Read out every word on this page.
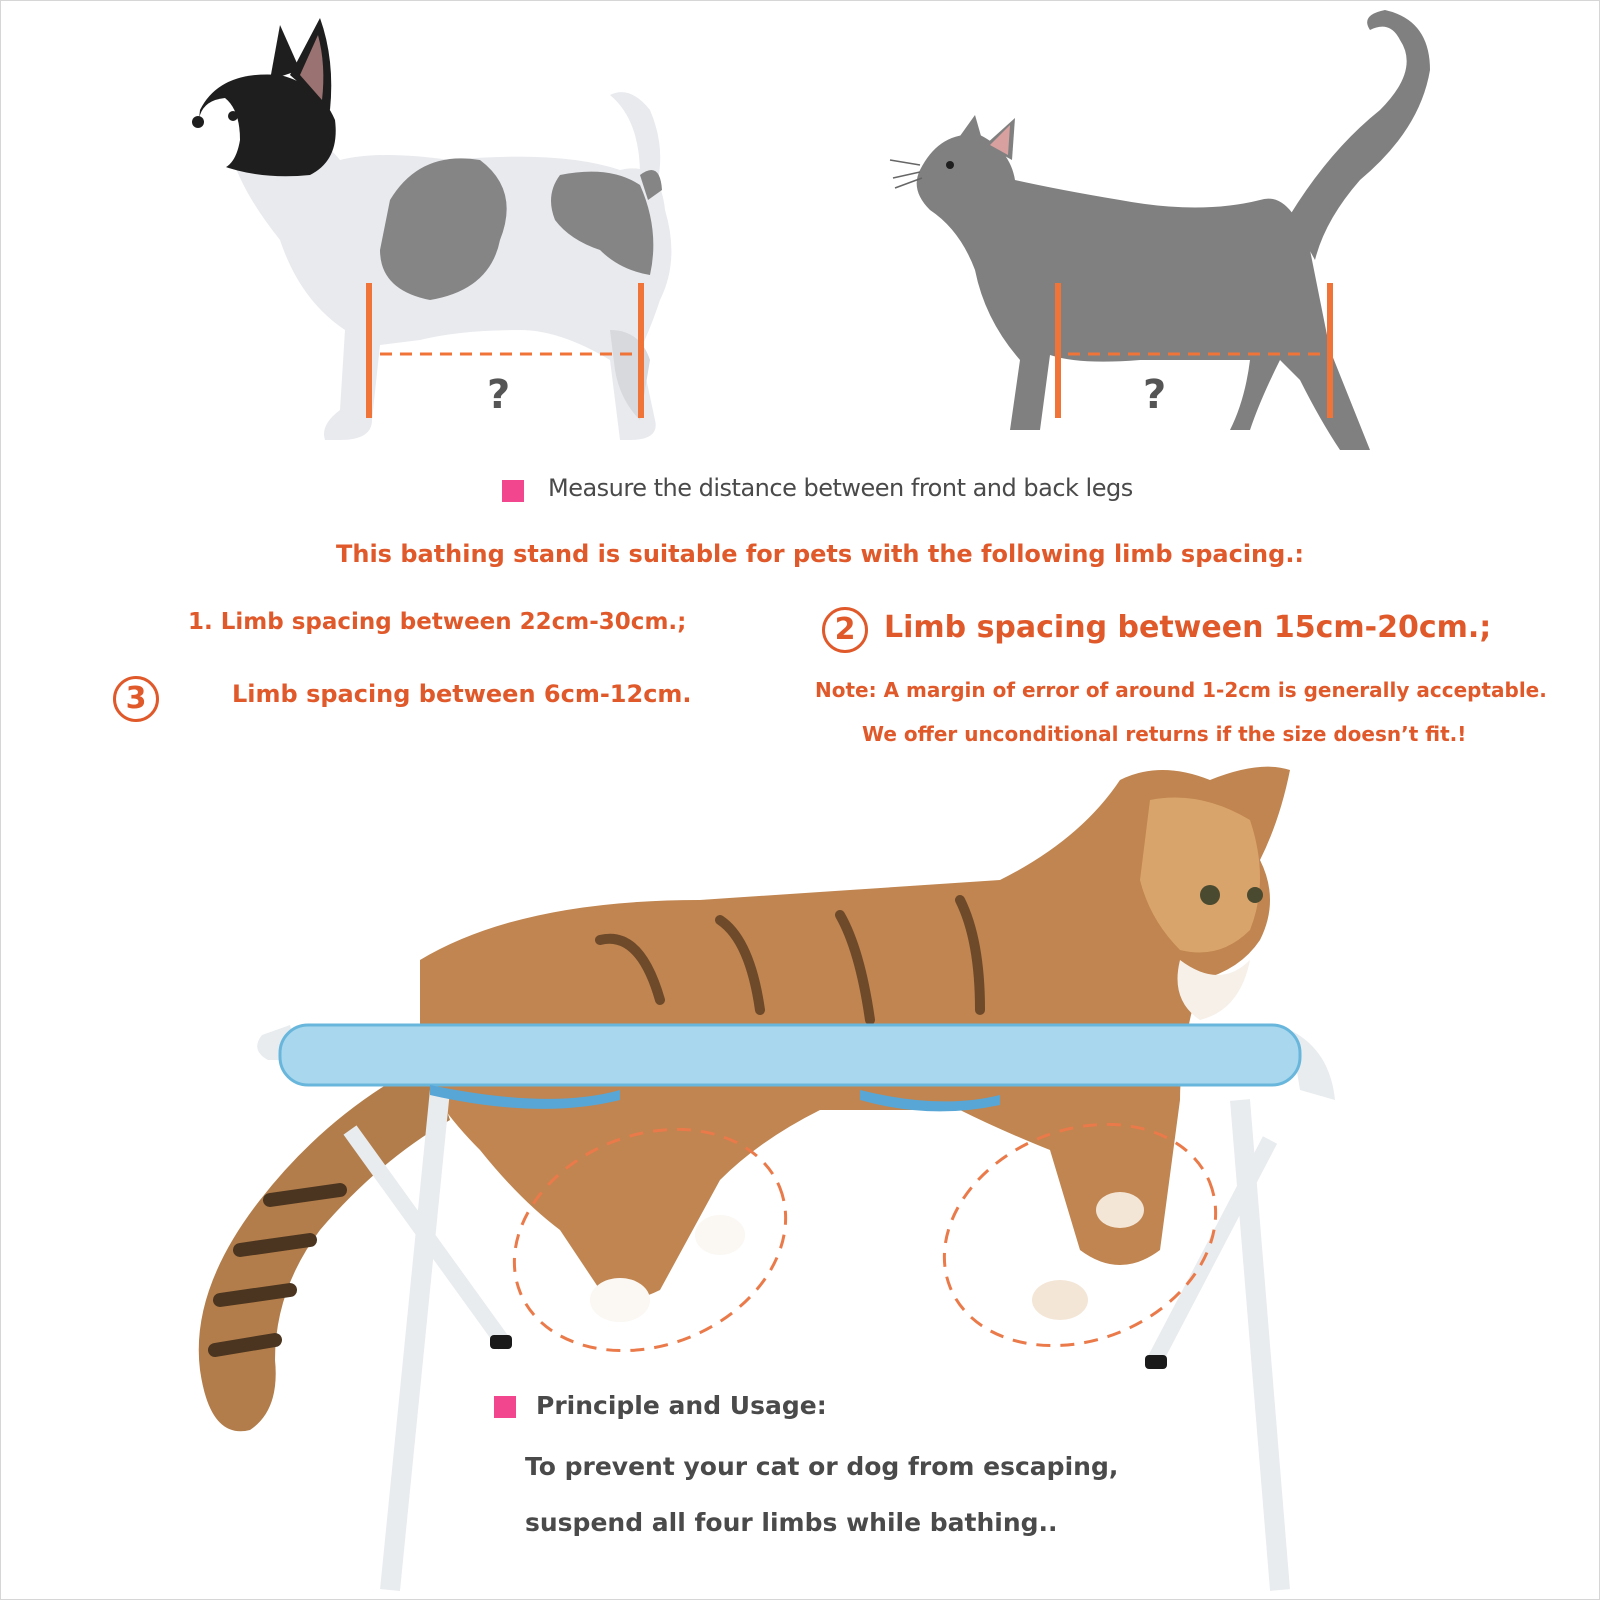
?	?
Measure the distance between front and back legs
This bathing stand is suitable for pets with the following limb spacing.:
1. Limb spacing between 22cm-30cm.;	2 Limb spacing between 15cm-20cm.;
3	Limb spacing between 6cm-12cm.	Note: A margin of error of around 1-2cm is generally acceptable.
We offer unconditional returns if the size doesn’t fit.!
Principle and Usage:
To prevent your cat or dog from escaping,
suspend all four limbs while bathing..
